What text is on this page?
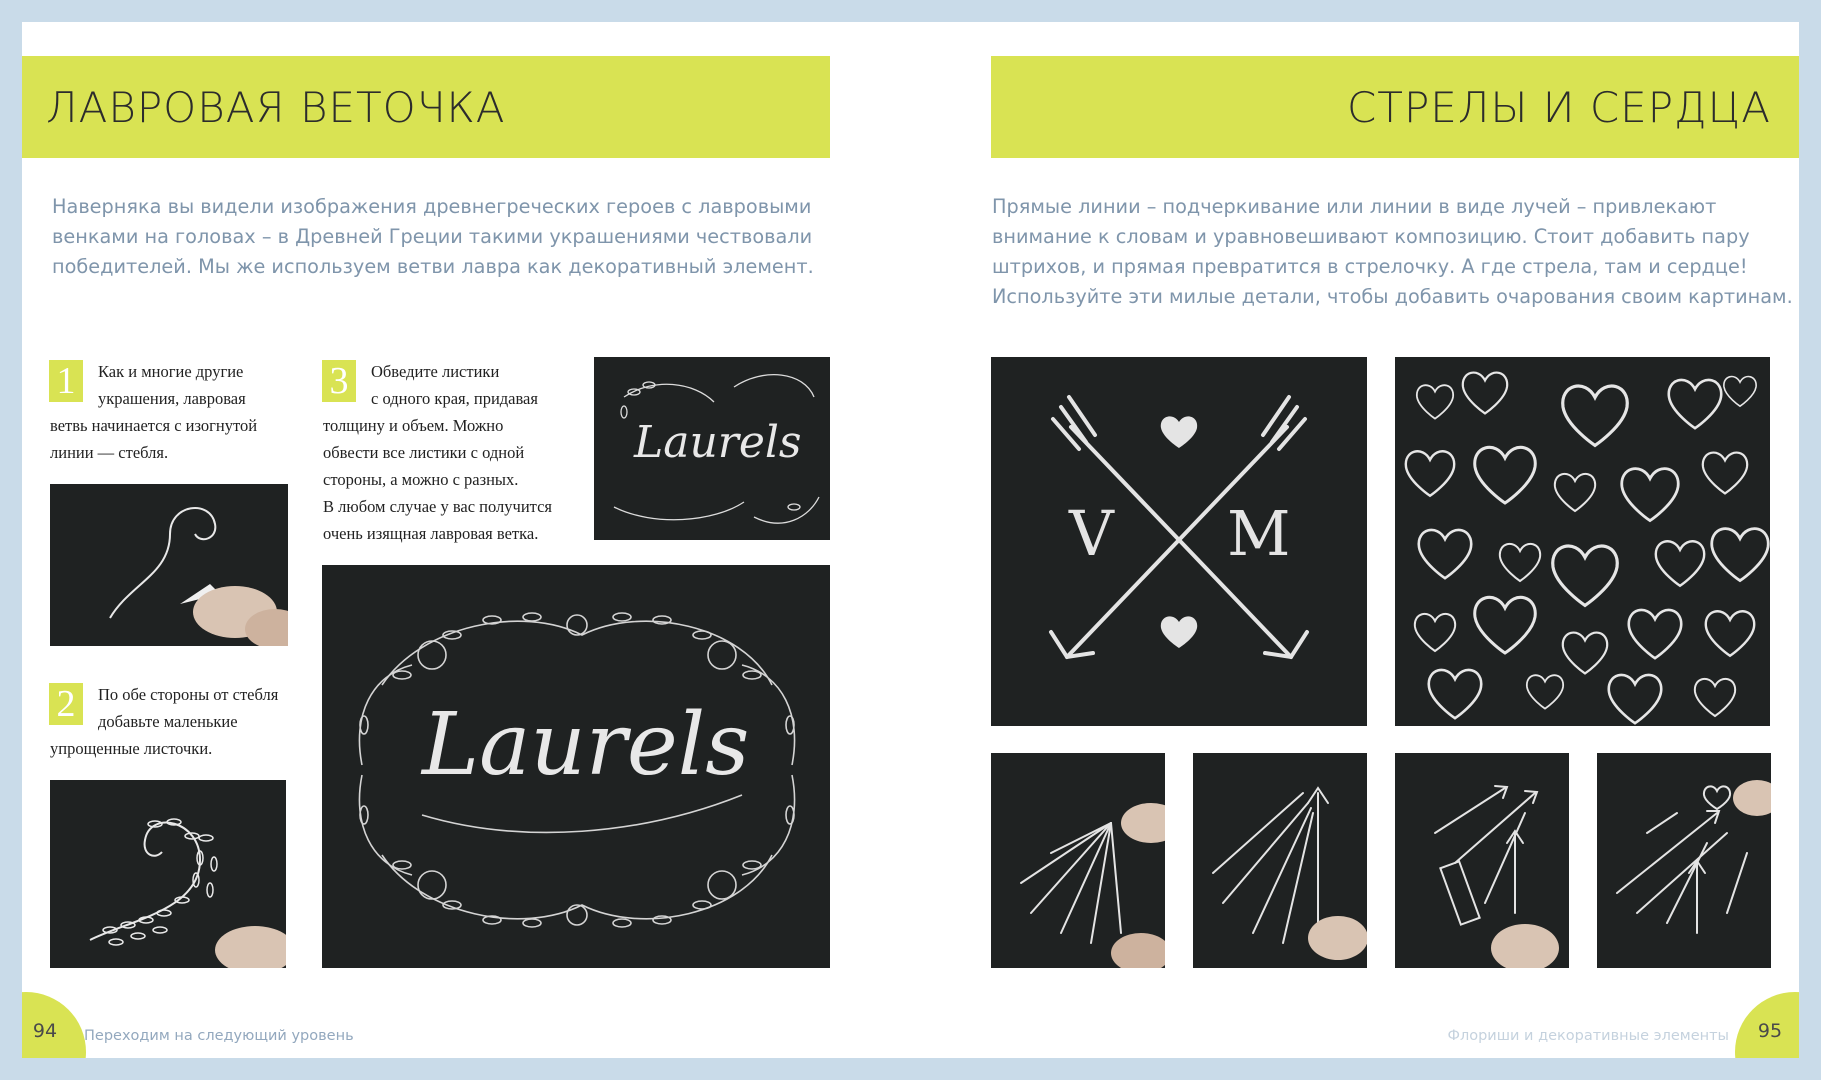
ЛАВРОВАЯ ВЕТОЧКА

Наверняка вы видели изображения древнегреческих героев с лавровыми

венками на головах – в Древней Греции такими украшениями чествовали

победителей. Мы же используем ветви лавра как декоративный элемент.

1	Как и многие другие

украшения, лавровая

ветвь начинается с изогнутой

линии — стебля.

2	По обе стороны от стебля

добавьте маленькие

упрощенные листочки.

3	Обведите листики

с одного края, придавая

толщину и объем. Можно

обвести все листики с одной

стороны, а можно с разных.

В любом случае у вас получится

очень изящная лавровая ветка.

Laurels
Laurels
94	Переходим на следующий уровень
СТРЕЛЫ И СЕРДЦА

Прямые линии – подчеркивание или линии в виде лучей – привлекают

внимание к словам и уравновешивают композицию. Стоит добавить пару

штрихов, и прямая превратится в стрелочку. А где стрела, там и сердце!

Используйте эти милые детали, чтобы добавить очарования своим картинам.

V M
95
Флориши и декоративные элементы
